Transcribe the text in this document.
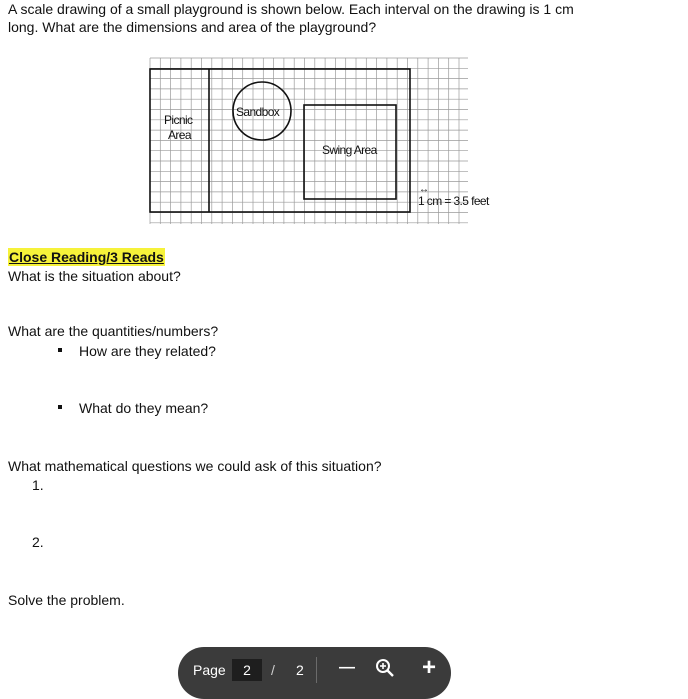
A scale drawing of a small playground is shown below. Each interval on the drawing is 1 cm
long. What are the dimensions and area of the playground?
Picnic
Area
Sandbox
Swing Area
↔
1 cm = 3.5 feet
Close Reading/3 Reads
What is the situation about?
What are the quantities/numbers?
How are they related?
What do they mean?
What mathematical questions we could ask of this situation?
1.
2.
Solve the problem.
Page	2	/ 2 —	+
